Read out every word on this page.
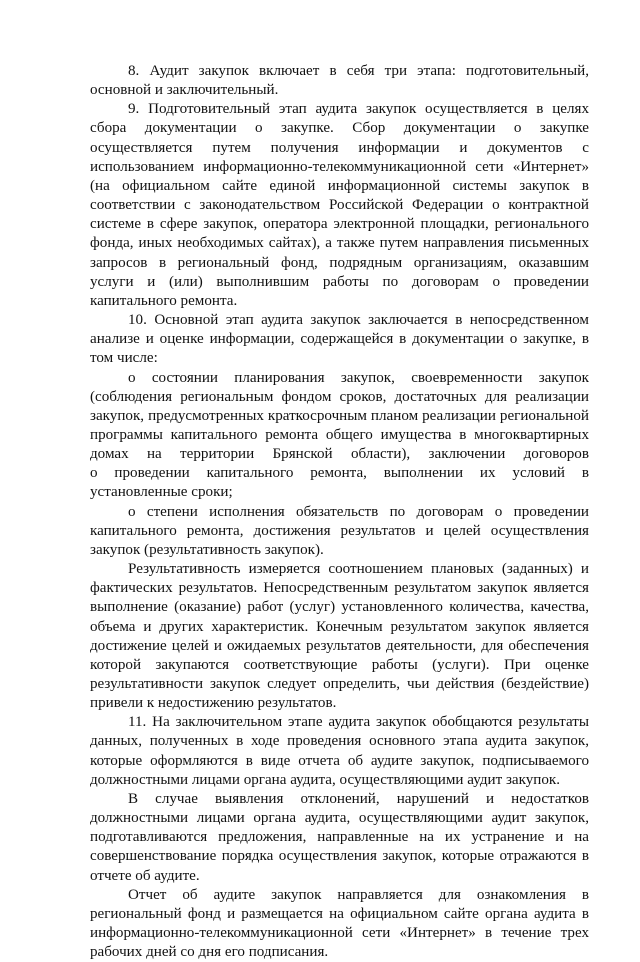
8. Аудит закупок включает в себя три этапа: подготовительный, основной и заключительный.

9. Подготовительный этап аудита закупок осуществляется в целях сбора документации о закупке. Сбор документации о закупке осуществляется путем получения информации и документов с использованием информационно-телекоммуникационной сети «Интернет» (на официальном сайте единой информационной системы закупок в соответствии с законодательством Российской Федерации о контрактной системе в сфере закупок, оператора электронной площадки, регионального фонда, иных необходимых сайтах), а также путем направления письменных запросов в региональный фонд, подрядным организациям, оказавшим услуги и (или) выполнившим работы по договорам о проведении капитального ремонта.

10. Основной этап аудита закупок заключается в непосредственном анализе и оценке информации, содержащейся в документации о закупке, в том числе:

о состоянии планирования закупок, своевременности закупок (соблюдения региональным фондом сроков, достаточных для реализации закупок, предусмотренных краткосрочным планом реализации региональной программы капитального ремонта общего имущества в многоквартирных домах на территории Брянской области), заключении договоров

о проведении капитального ремонта, выполнении их условий в установленные сроки;

о степени исполнения обязательств по договорам о проведении капитального ремонта, достижения результатов и целей осуществления закупок (результативность закупок).

Результативность измеряется соотношением плановых (заданных) и фактических результатов. Непосредственным результатом закупок является выполнение (оказание) работ (услуг) установленного количества, качества, объема и других характеристик. Конечным результатом закупок является достижение целей и ожидаемых результатов деятельности, для обеспечения которой закупаются соответствующие работы (услуги). При оценке результативности закупок следует определить, чьи действия (бездействие) привели к недостижению результатов.

11. На заключительном этапе аудита закупок обобщаются результаты данных, полученных в ходе проведения основного этапа аудита закупок, которые оформляются в виде отчета об аудите закупок, подписываемого должностными лицами органа аудита, осуществляющими аудит закупок.

В случае выявления отклонений, нарушений и недостатков должностными лицами органа аудита, осуществляющими аудит закупок, подготавливаются предложения, направленные на их устранение и на совершенствование порядка осуществления закупок, которые отражаются в отчете об аудите.

Отчет об аудите закупок направляется для ознакомления в региональный фонд и размещается на официальном сайте органа аудита в информационно-телекоммуникационной сети «Интернет» в течение трех рабочих дней со дня его подписания.
